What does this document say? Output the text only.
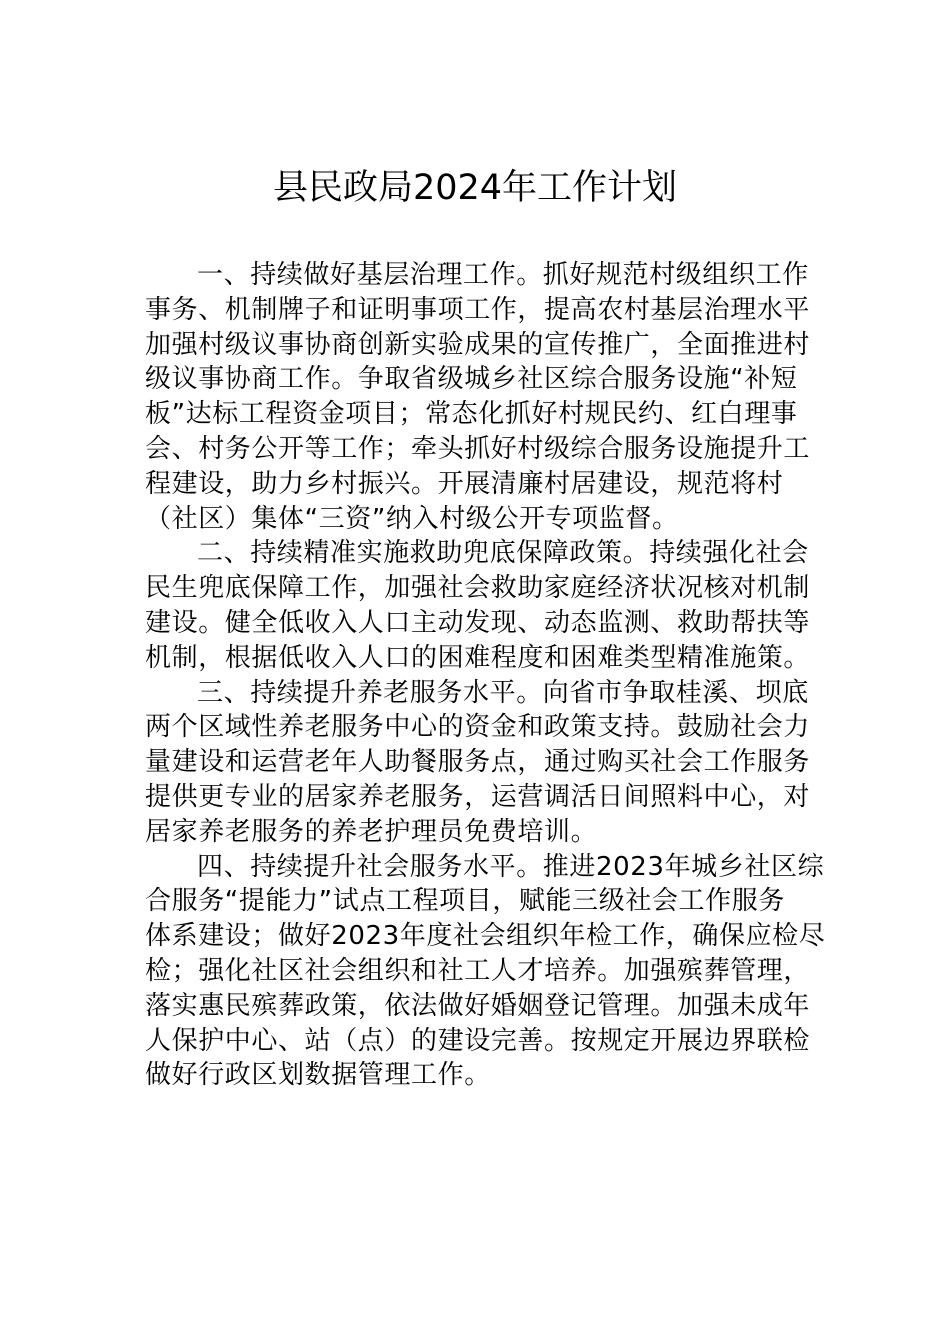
县民政局2024年工作计划
一、持续做好基层治理工作。抓好规范村级组织工作
事务、机制牌子和证明事项工作，提高农村基层治理水平
加强村级议事协商创新实验成果的宣传推广，全面推进村
级议事协商工作。争取省级城乡社区综合服务设施“补短
板”达标工程资金项目；常态化抓好村规民约、红白理事
会、村务公开等工作；牵头抓好村级综合服务设施提升工
程建设，助力乡村振兴。开展清廉村居建设，规范将村
（社区）集体“三资”纳入村级公开专项监督。
二、持续精准实施救助兜底保障政策。持续强化社会
民生兜底保障工作，加强社会救助家庭经济状况核对机制
建设。健全低收入人口主动发现、动态监测、救助帮扶等
机制，根据低收入人口的困难程度和困难类型精准施策。
三、持续提升养老服务水平。向省市争取桂溪、坝底
两个区域性养老服务中心的资金和政策支持。鼓励社会力
量建设和运营老年人助餐服务点，通过购买社会工作服务
提供更专业的居家养老服务，运营调活日间照料中心，对
居家养老服务的养老护理员免费培训。
四、持续提升社会服务水平。推进2023年城乡社区综
合服务“提能力”试点工程项目，赋能三级社会工作服务
体系建设；做好2023年度社会组织年检工作，确保应检尽
检；强化社区社会组织和社工人才培养。加强殡葬管理，
落实惠民殡葬政策，依法做好婚姻登记管理。加强未成年
人保护中心、站（点）的建设完善。按规定开展边界联检
做好行政区划数据管理工作。
